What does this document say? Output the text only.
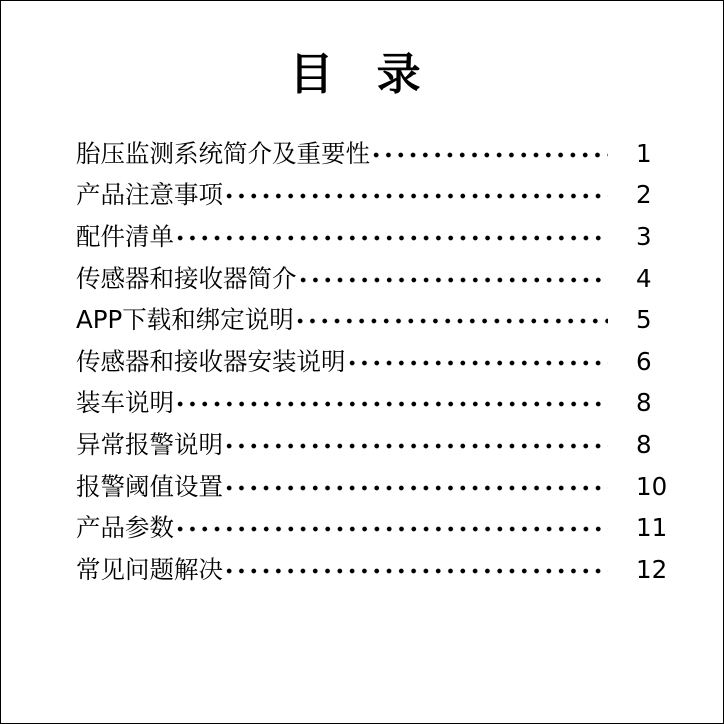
目 录
胎压监测系统简介及重要性	1
产品注意事项	2
配件清单	3
传感器和接收器简介	4
APP下载和绑定说明	5
传感器和接收器安装说明	6
装车说明	8
异常报警说明	8
报警阈值设置	10
产品参数	11
常见问题解决	12
